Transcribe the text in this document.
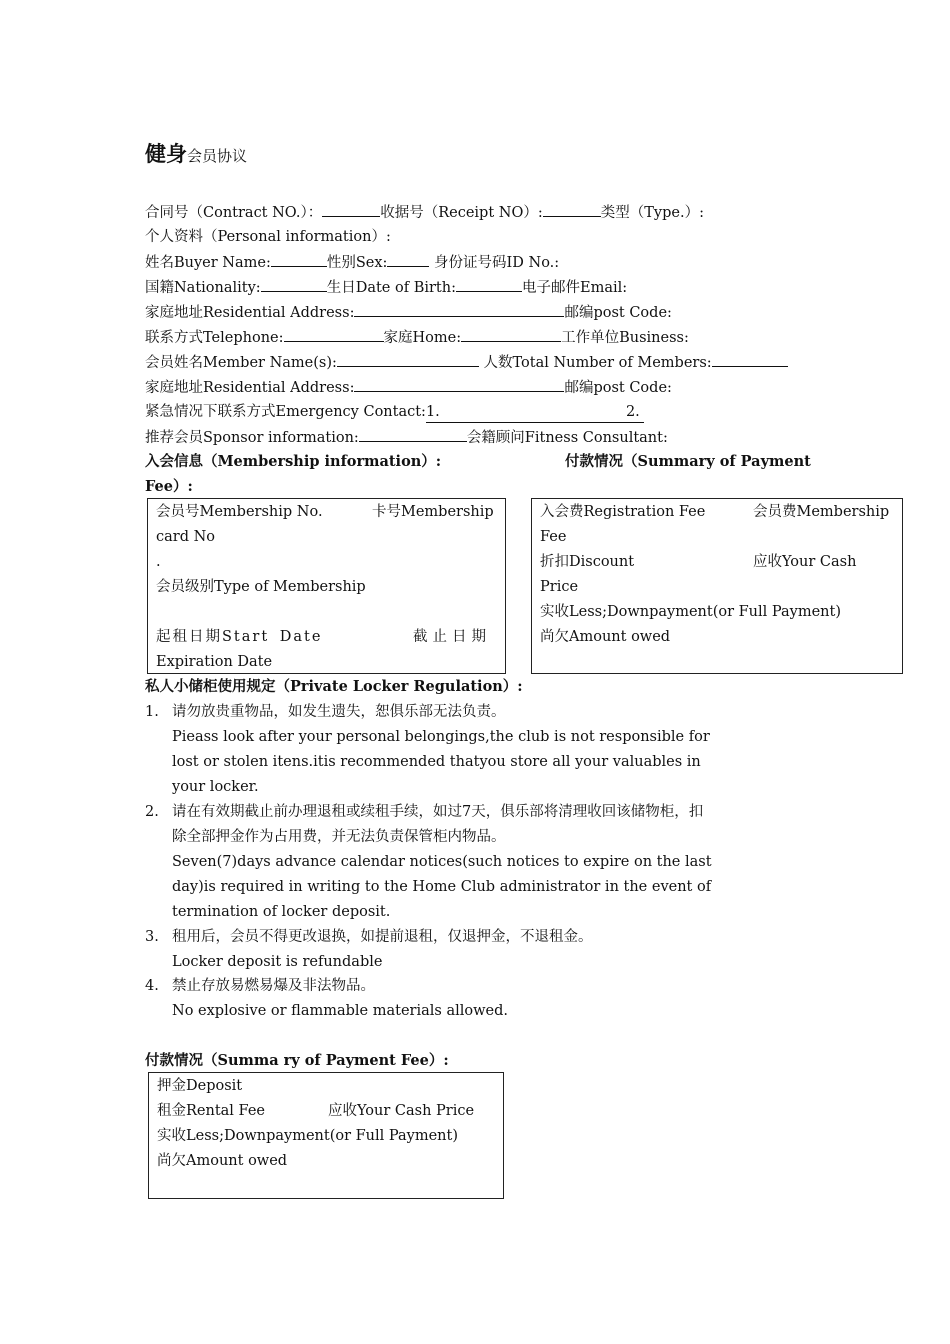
健身会员协议
合同号（Contract NO.）：	收据号（Receipt NO）:	类型（Type.）:
个人资料（Personal information）:
姓名Buyer Name:	性别Sex:	身份证号码ID No.:
国籍Nationality:	生日Date of Birth:	电子邮件Email:
家庭地址Residential Address:	邮编post Code:
联系方式Telephone:	家庭Home:	工作单位Business:
会员姓名Member Name(s):	人数Total Number of Members:
家庭地址Residential Address:	邮编post Code:
紧急情况下联系方式Emergency Contact:1.	2.
推荐会员Sponsor information:	会籍顾问Fitness Consultant:
入会信息（Membership information）:	付款情况（Summary of Payment
Fee）:
会员号Membership No.	卡号Membership
card No
.
会员级别Type of Membership
起租日期Start Date	截止日期
Expiration Date
入会费Registration Fee	会员费Membership
Fee
折扣Discount	应收Your Cash
Price
实收Less;Downpayment(or Full Payment)
尚欠Amount owed
私人小储柜使用规定（Private Locker Regulation）:
1. 请勿放贵重物品，如发生遗失，恕俱乐部无法负责。
Pieass look after your personal belongings,the club is not responsible for
lost or stolen itens.itis recommended thatyou store all your valuables in
your locker.
2. 请在有效期截止前办理退租或续租手续，如过7天，俱乐部将清理收回该储物柜，扣
除全部押金作为占用费，并无法负责保管柜内物品。
Seven(7)days advance calendar notices(such notices to expire on the last
day)is required in writing to the Home Club administrator in the event of
termination of locker deposit.
3. 租用后，会员不得更改退换，如提前退租，仅退押金，不退租金。
Locker deposit is refundable
4. 禁止存放易燃易爆及非法物品。
No explosive or flammable materials allowed.
付款情况（Summa ry of Payment Fee）:
押金Deposit
租金Rental Fee	应收Your Cash Price
实收Less;Downpayment(or Full Payment)
尚欠Amount owed
